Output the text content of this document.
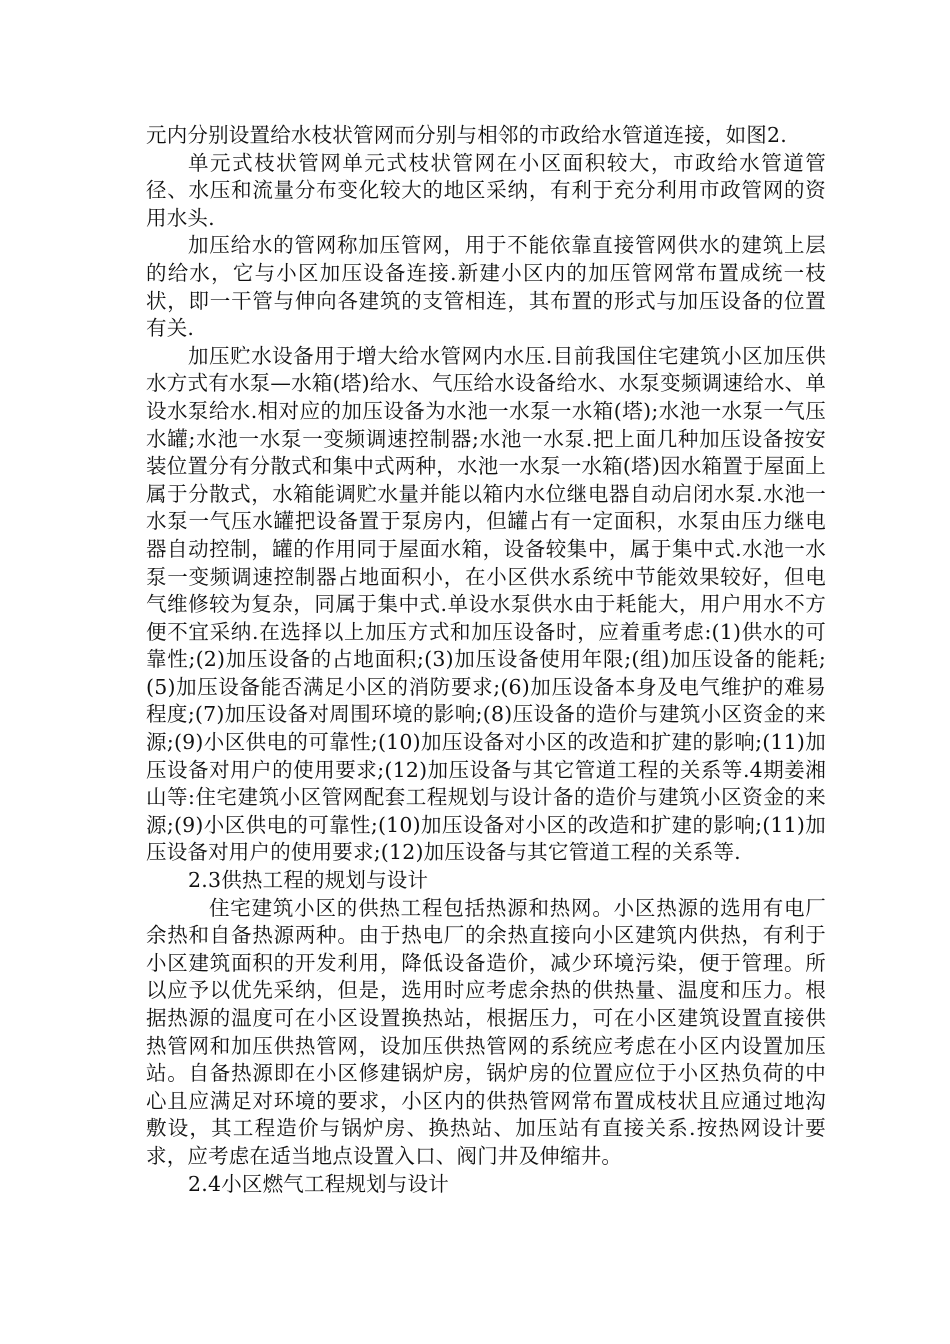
元内分别设置给水枝状管网而分别与相邻的市政给水管道连接，如图2.

单元式枝状管网单元式枝状管网在小区面积较大，市政给水管道管径、水压和流量分布变化较大的地区采纳，有利于充分利用市政管网的资用水头.

加压给水的管网称加压管网，用于不能依靠直接管网供水的建筑上层的给水，它与小区加压设备连接.新建小区内的加压管网常布置成统一枝状，即一干管与伸向各建筑的支管相连，其布置的形式与加压设备的位置有关.

加压贮水设备用于增大给水管网内水压.目前我国住宅建筑小区加压供水方式有水泵—水箱(塔)给水、气压给水设备给水、水泵变频调速给水、单设水泵给水.相对应的加压设备为水池一水泵一水箱(塔);水池一水泵一气压水罐;水池一水泵一变频调速控制器;水池一水泵.把上面几种加压设备按安装位置分有分散式和集中式两种，水池一水泵一水箱(塔)因水箱置于屋面上属于分散式，水箱能调贮水量并能以箱内水位继电器自动启闭水泵.水池一水泵一气压水罐把设备置于泵房内，但罐占有一定面积，水泵由压力继电器自动控制，罐的作用同于屋面水箱，设备较集中，属于集中式.水池一水泵一变频调速控制器占地面积小，在小区供水系统中节能效果较好，但电气维修较为复杂，同属于集中式.单设水泵供水由于耗能大，用户用水不方便不宜采纳.在选择以上加压方式和加压设备时，应着重考虑:(1)供水的可靠性;(2)加压设备的占地面积;(3)加压设备使用年限;(组)加压设备的能耗;(5)加压设备能否满足小区的消防要求;(6)加压设备本身及电气维护的难易程度;(7)加压设备对周围环境的影响;(8)压设备的造价与建筑小区资金的来源;(9)小区供电的可靠性;(10)加压设备对小区的改造和扩建的影响;(11)加压设备对用户的使用要求;(12)加压设备与其它管道工程的关系等.4期姜湘山等:住宅建筑小区管网配套工程规划与设计备的造价与建筑小区资金的来源;(9)小区供电的可靠性;(10)加压设备对小区的改造和扩建的影响;(11)加压设备对用户的使用要求;(12)加压设备与其它管道工程的关系等.

2.3供热工程的规划与设计

住宅建筑小区的供热工程包括热源和热网。小区热源的选用有电厂余热和自备热源两种。由于热电厂的余热直接向小区建筑内供热，有利于小区建筑面积的开发利用，降低设备造价，减少环境污染，便于管理。所以应予以优先采纳，但是，选用时应考虑余热的供热量、温度和压力。根据热源的温度可在小区设置换热站，根据压力，可在小区建筑设置直接供热管网和加压供热管网，设加压供热管网的系统应考虑在小区内设置加压站。自备热源即在小区修建锅炉房，锅炉房的位置应位于小区热负荷的中心且应满足对环境的要求，小区内的供热管网常布置成枝状且应通过地沟敷设，其工程造价与锅炉房、换热站、加压站有直接关系.按热网设计要求，应考虑在适当地点设置入口、阀门井及伸缩井。

2.4小区燃气工程规划与设计
